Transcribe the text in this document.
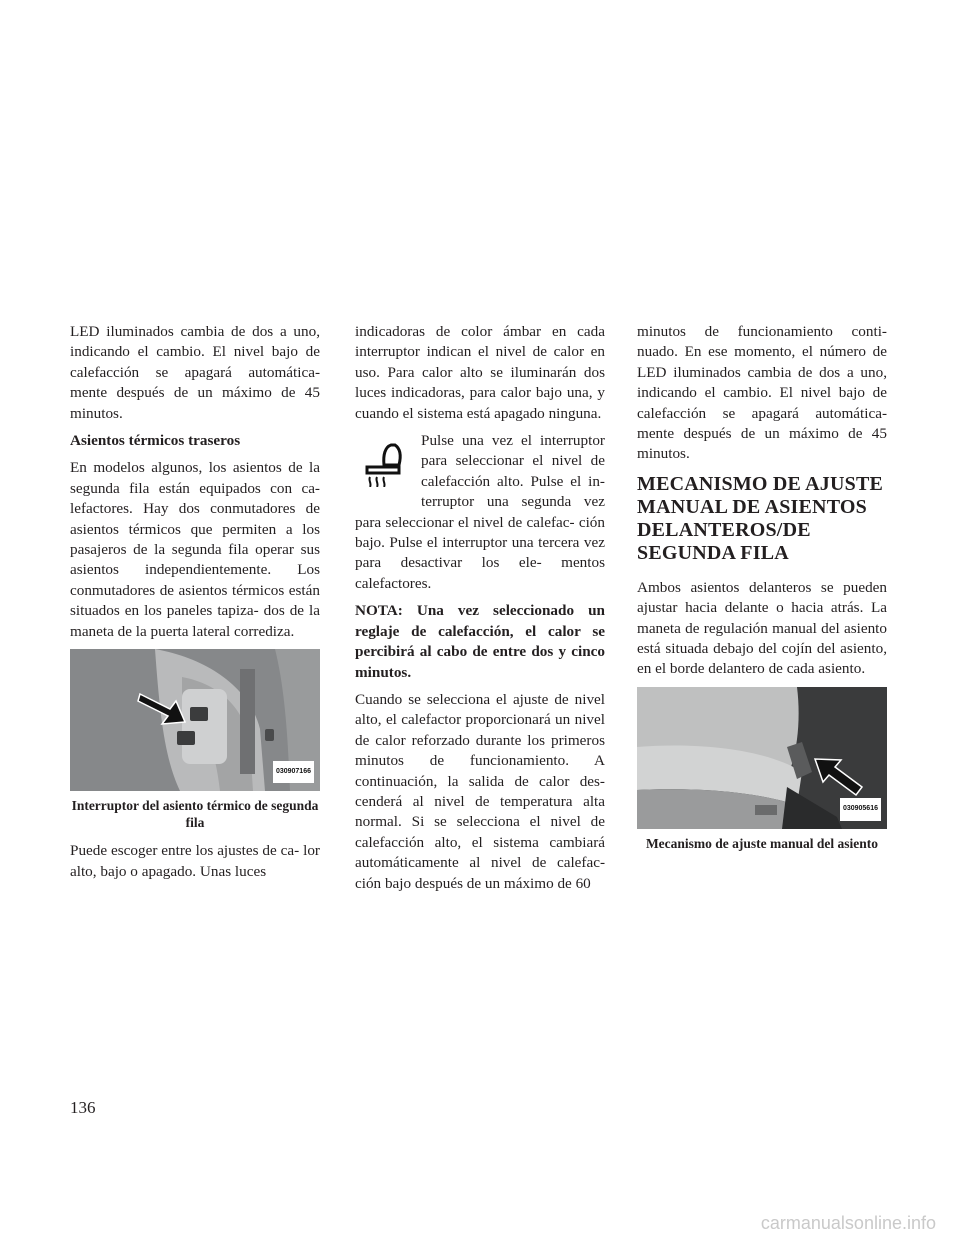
LED iluminados cambia de dos a uno, indicando el cambio. El nivel bajo de calefacción se apagará automática- mente después de un máximo de 45 minutos.

Asientos térmicos traseros

En modelos algunos, los asientos de la segunda fila están equipados con ca- lefactores. Hay dos conmutadores de asientos térmicos que permiten a los pasajeros de la segunda fila operar sus asientos independientemente. Los conmutadores de asientos térmicos están situados en los paneles tapiza- dos de la maneta de la puerta lateral corrediza.

030907166
Interruptor del asiento térmico de segunda fila

Puede escoger entre los ajustes de ca- lor alto, bajo o apagado. Unas luces

indicadoras de color ámbar en cada interruptor indican el nivel de calor en uso. Para calor alto se iluminarán dos luces indicadoras, para calor bajo una, y cuando el sistema está apagado ninguna.

Pulse una vez el interruptor para seleccionar el nivel de calefacción alto. Pulse el in- terruptor una segunda vez para seleccionar el nivel de calefac- ción bajo. Pulse el interruptor una tercera vez para desactivar los ele- mentos calefactores.

NOTA: Una vez seleccionado un reglaje de calefacción, el calor se percibirá al cabo de entre dos y cinco minutos.

Cuando se selecciona el ajuste de nivel alto, el calefactor proporcionará un nivel de calor reforzado durante los primeros minutos de funcionamiento. A continuación, la salida de calor des- cenderá al nivel de temperatura alta normal. Si se selecciona el nivel de calefacción alto, el sistema cambiará automáticamente al nivel de calefac- ción bajo después de un máximo de 60

minutos de funcionamiento conti- nuado. En ese momento, el número de LED iluminados cambia de dos a uno, indicando el cambio. El nivel bajo de calefacción se apagará automática- mente después de un máximo de 45 minutos.

MECANISMO DE AJUSTE MANUAL DE ASIENTOS DELANTEROS/DE SEGUNDA FILA

Ambos asientos delanteros se pueden ajustar hacia delante o hacia atrás. La maneta de regulación manual del asiento está situada debajo del cojín del asiento, en el borde delantero de cada asiento.

030905616
Mecanismo de ajuste manual del asiento
136
carmanualsonline.info
